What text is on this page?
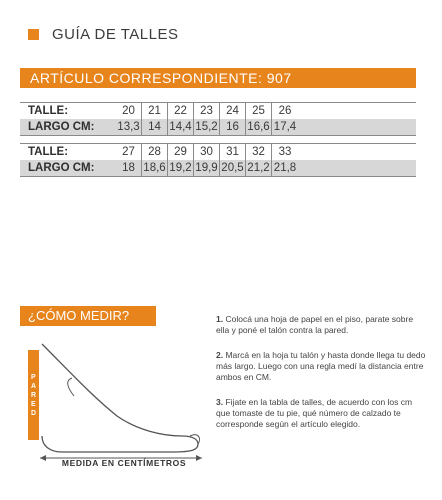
GUÍA DE TALLES
ARTÍCULO CORRESPONDIENTE: 907
TALLE:	20	21	22	23	24	25	26
LARGO CM:	13,3 14 14,4 15,2 16 16,6 17,4
TALLE:	27	28	29	30	31	32	33
LARGO CM:	18 18,6 19,2 19,9 20,5 21,2 21,8
¿CÓMO MEDIR?
P
A
R
E
D
MEDIDA EN CENTÍMETROS
1. Colocá una hoja de papel en el piso, parate sobre ella y poné el talón contra la pared.
2. Marcá en la hoja tu talón y hasta donde llega tu dedo más largo. Luego con una regla medí la distancia entre ambos en CM.
3. Fijate en la tabla de talles, de acuerdo con los cm que tomaste de tu pie, qué número de calzado te corresponde según el artículo elegido.
